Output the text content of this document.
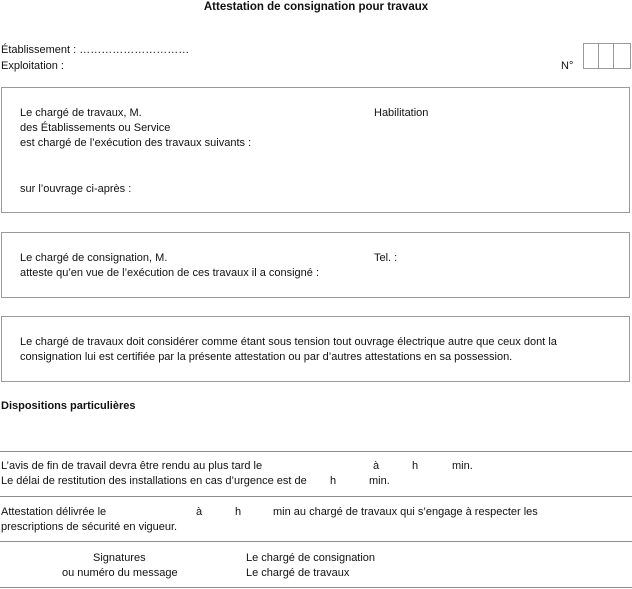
Attestation de consignation pour travaux
Établissement : …………………………
Exploitation :	N°
Le chargé de travaux, M.	Habilitation
des Établissements ou Service
est chargé de l’exécution des travaux suivants :
sur l’ouvrage ci-après :
Le chargé de consignation, M.	Tel. :
atteste qu’en vue de l’exécution de ces travaux il a consigné :
Le chargé de travaux doit considérer comme étant sous tension tout ouvrage électrique autre que ceux dont la
consignation lui est certifiée par la présente attestation ou par d’autres attestations en sa possession.
Dispositions particulières
L’avis de fin de travail devra être rendu au plus tard le	à	h	min.
Le délai de restitution des installations en cas d’urgence est de h	min.
Attestation délivrée le	à	h	min au chargé de travaux qui s’engage à respecter les
prescriptions de sécurité en vigueur.
Signatures
ou numéro du message
Le chargé de consignation
Le chargé de travaux
